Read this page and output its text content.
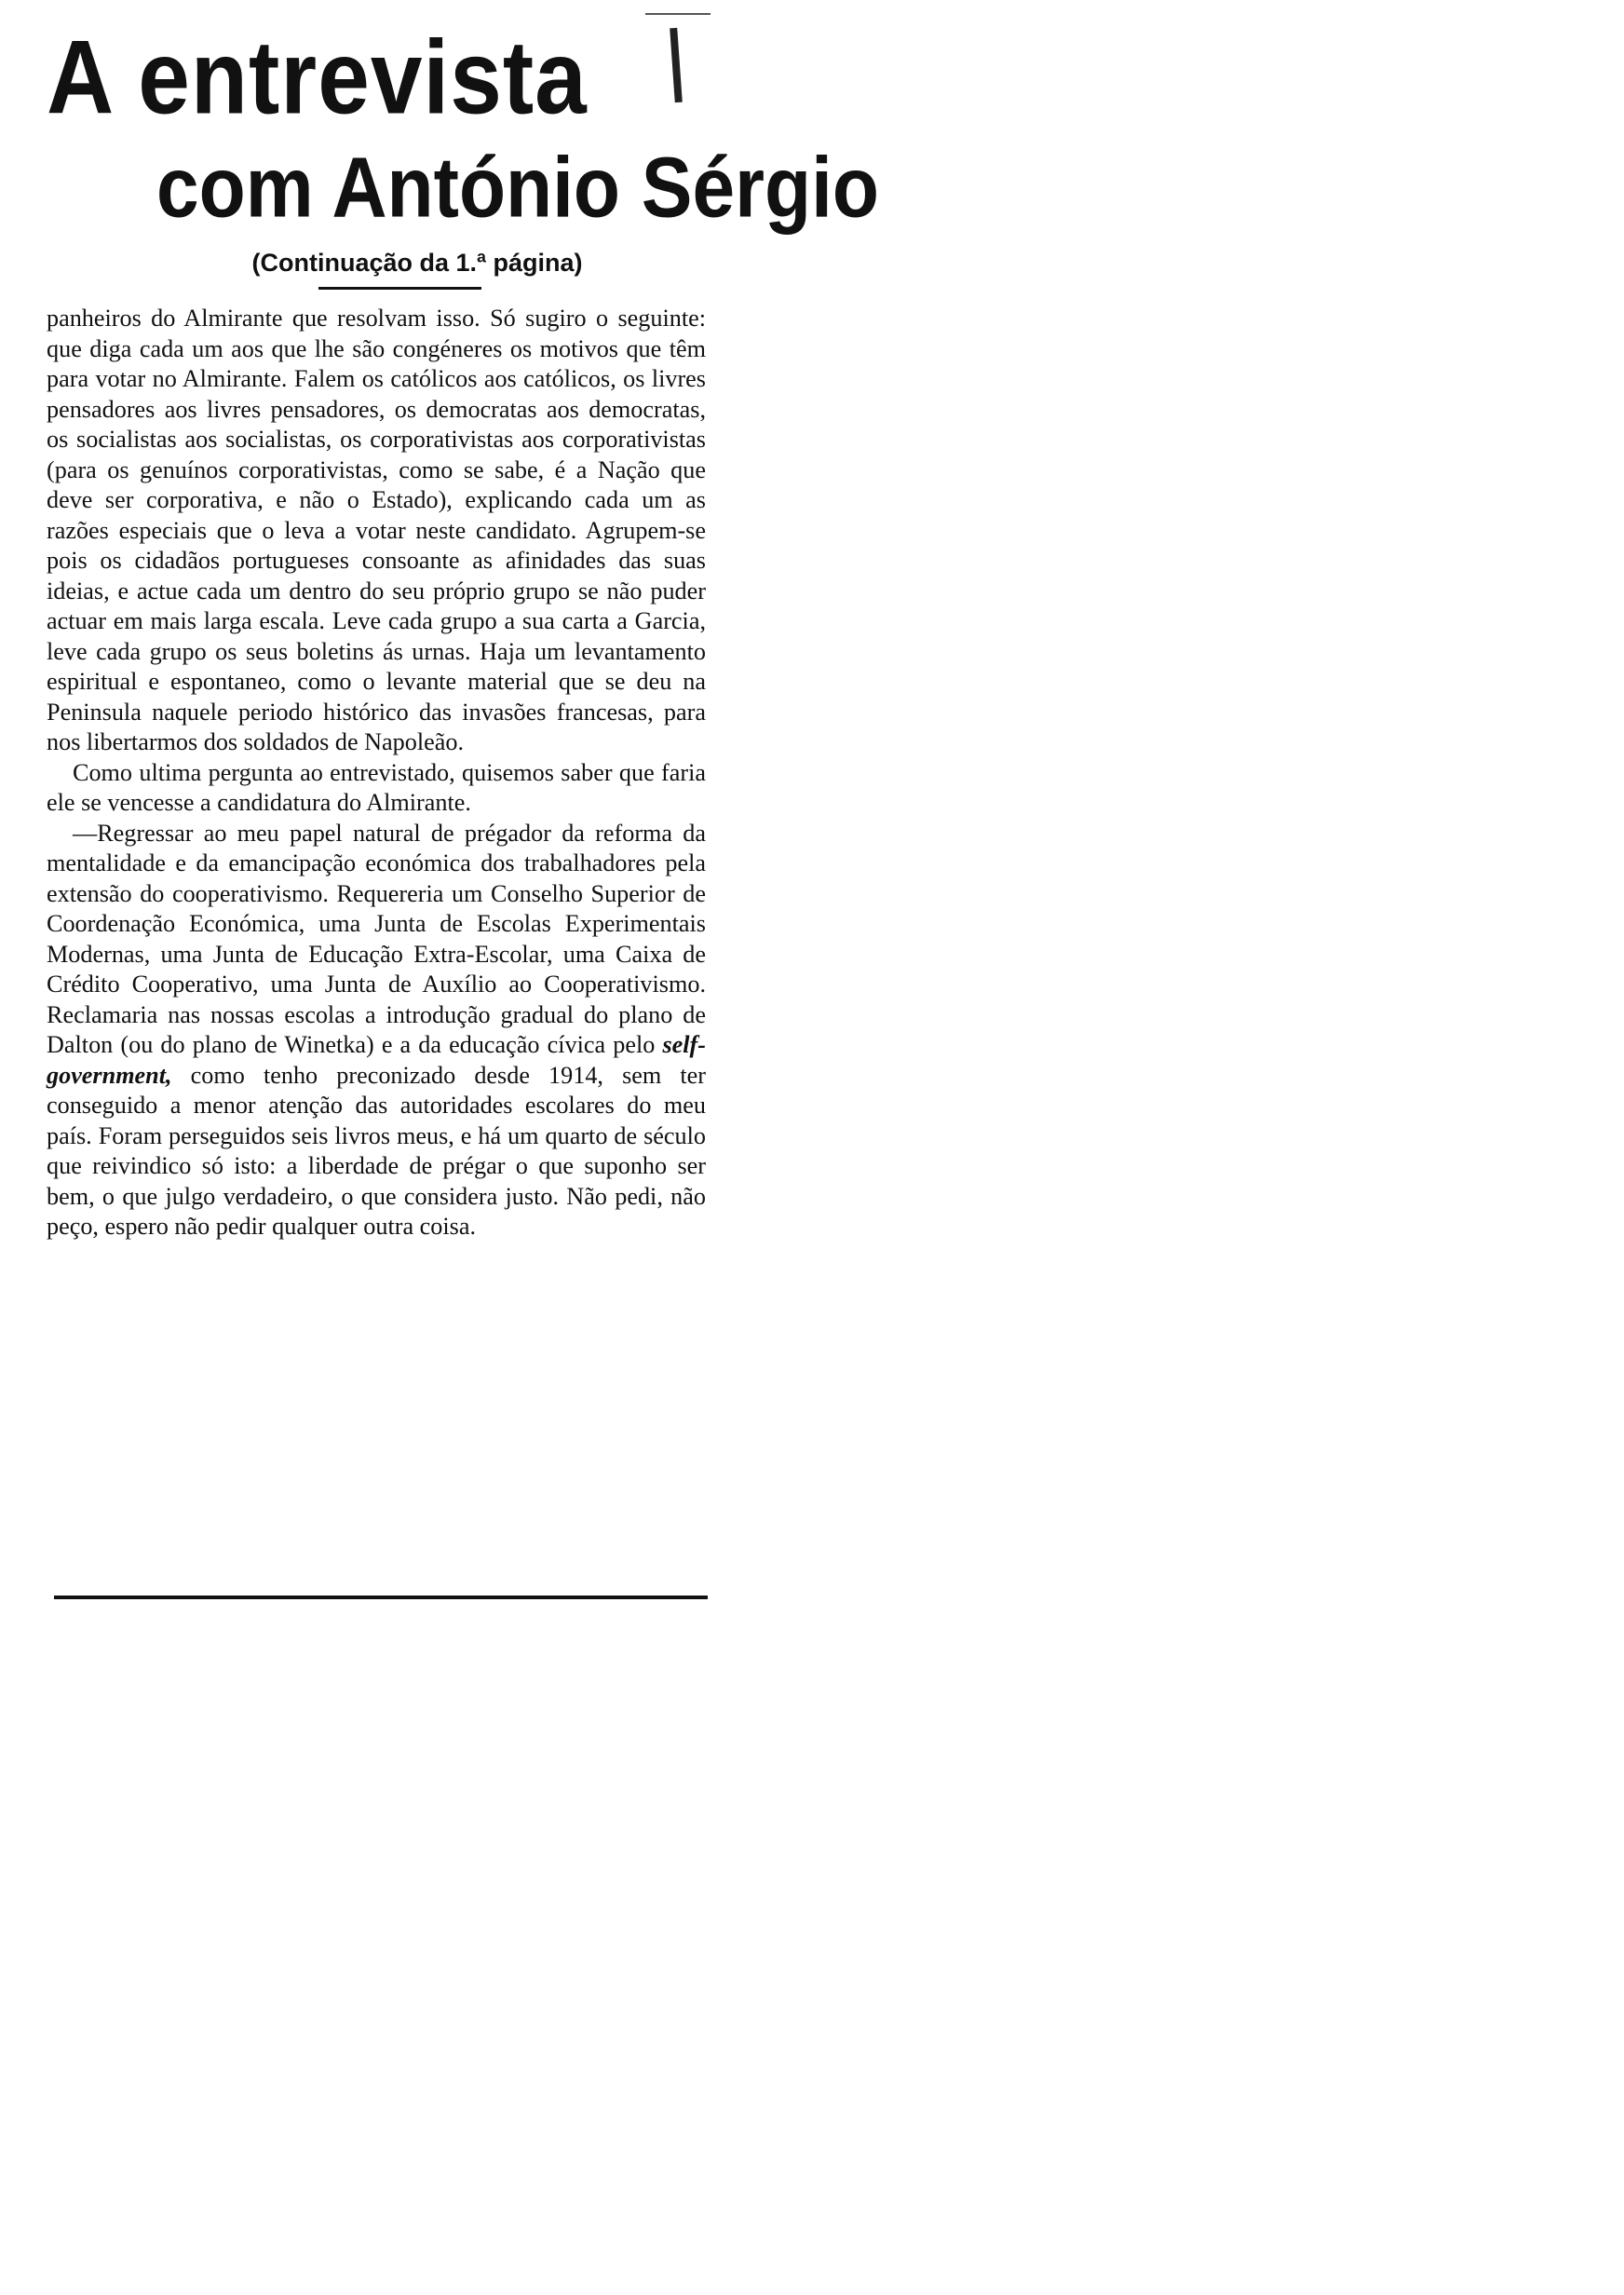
A entrevista
com António Sérgio
(Continuação da 1.ª página)

panheiros do Almirante que resolvam isso. Só sugiro o seguinte: que diga cada um aos que lhe são congéneres os motivos que têm para votar no Almirante. Falem os católicos aos católicos, os livres pensadores aos livres pensadores, os democratas aos democratas, os socialistas aos socialistas, os corporativistas aos corporativistas (para os genuínos corporativistas, como se sabe, é a Nação que deve ser corporativa, e não o Estado), explicando cada um as razões especiais que o leva a votar neste candidato. Agrupem-se pois os cidadãos portugueses consoante as afinidades das suas ideias, e actue cada um dentro do seu próprio grupo se não puder actuar em mais larga escala. Leve cada grupo a sua carta a Garcia, leve cada grupo os seus boletins ás urnas. Haja um levantamento espiritual e espontaneo, como o levante material que se deu na Peninsula naquele periodo histórico das invasões francesas, para nos libertarmos dos soldados de Napoleão.

Como ultima pergunta ao entrevistado, quisemos saber que faria ele se vencesse a candidatura do Almirante.

—Regressar ao meu papel natural de prégador da reforma da mentalidade e da emancipação económica dos trabalhadores pela extensão do cooperativismo. Requereria um Conselho Superior de Coordenação Económica, uma Junta de Escolas Experimentais Modernas, uma Junta de Educação Extra-Escolar, uma Caixa de Crédito Cooperativo, uma Junta de Auxílio ao Cooperativismo. Reclamaria nas nossas escolas a introdução gradual do plano de Dalton (ou do plano de Winetka) e a da educação cívica pelo self-government, como tenho preconizado desde 1914, sem ter conseguido a menor atenção das autoridades escolares do meu país. Foram perseguidos seis livros meus, e há um quarto de século que reivindico só isto: a liberdade de prégar o que suponho ser bem, o que julgo verdadeiro, o que considera justo. Não pedi, não peço, espero não pedir qualquer outra coisa.
